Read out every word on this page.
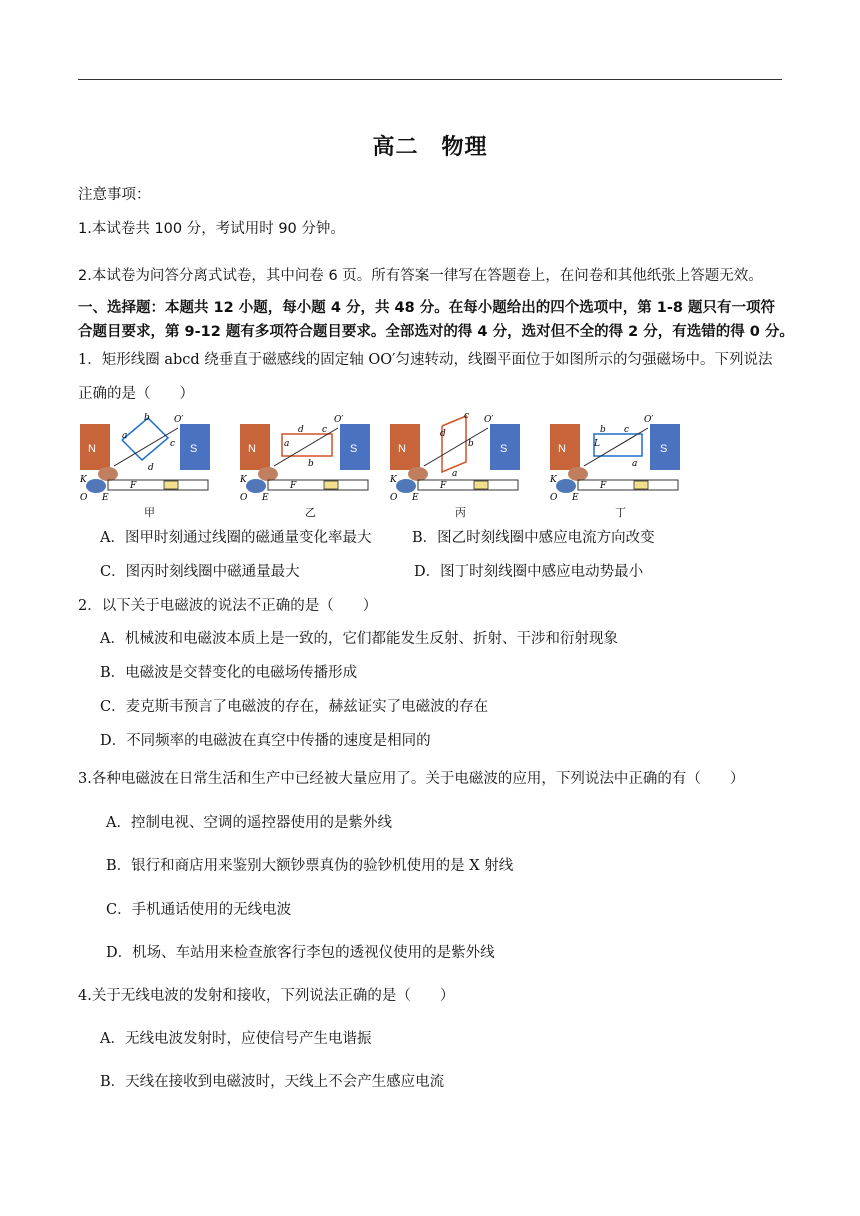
高二　物理
注意事项：
1.本试卷共 100 分，考试用时 90 分钟。
2.本试卷为问答分离式试卷，其中问卷 6 页。所有答案一律写在答题卷上，在问卷和其他纸张上答题无效。
一、选择题：本题共 12 小题，每小题 4 分，共 48 分。在每小题给出的四个选项中，第 1-8 题只有一项符
合题目要求，第 9-12 题有多项符合题目要求。全部选对的得 4 分，选对但不全的得 2 分，有选错的得 0 分。
1．矩形线圈 abcd 绕垂直于磁感线的固定轴 OO′匀速转动，线圈平面位于如图所示的匀强磁场中。下列说法
正确的是（　　）
N	S
b
a
c
d
O′
K
O E
F
甲
N	S
d
a
c
b
O′
K
O E
F
乙
N	S
c
d
b
a
O′
K
O E
F
丙
N	S
b
L
c
a
O′
K
O E
F
丁
A．图甲时刻通过线圈的磁通量变化率最大	B．图乙时刻线圈中感应电流方向改变
C．图丙时刻线圈中磁通量最大	D．图丁时刻线圈中感应电动势最小
2．以下关于电磁波的说法不正确的是（　　）
A．机械波和电磁波本质上是一致的，它们都能发生反射、折射、干涉和衍射现象
B．电磁波是交替变化的电磁场传播形成
C．麦克斯韦预言了电磁波的存在，赫兹证实了电磁波的存在
D．不同频率的电磁波在真空中传播的速度是相同的
3.各种电磁波在日常生活和生产中已经被大量应用了。关于电磁波的应用，下列说法中正确的有（　　）
A．控制电视、空调的遥控器使用的是紫外线
B．银行和商店用来鉴别大额钞票真伪的验钞机使用的是 X 射线
C．手机通话使用的无线电波
D．机场、车站用来检查旅客行李包的透视仪使用的是紫外线
4.关于无线电波的发射和接收，下列说法正确的是（　　）
A．无线电波发射时，应使信号产生电谐振
B．天线在接收到电磁波时，天线上不会产生感应电流
